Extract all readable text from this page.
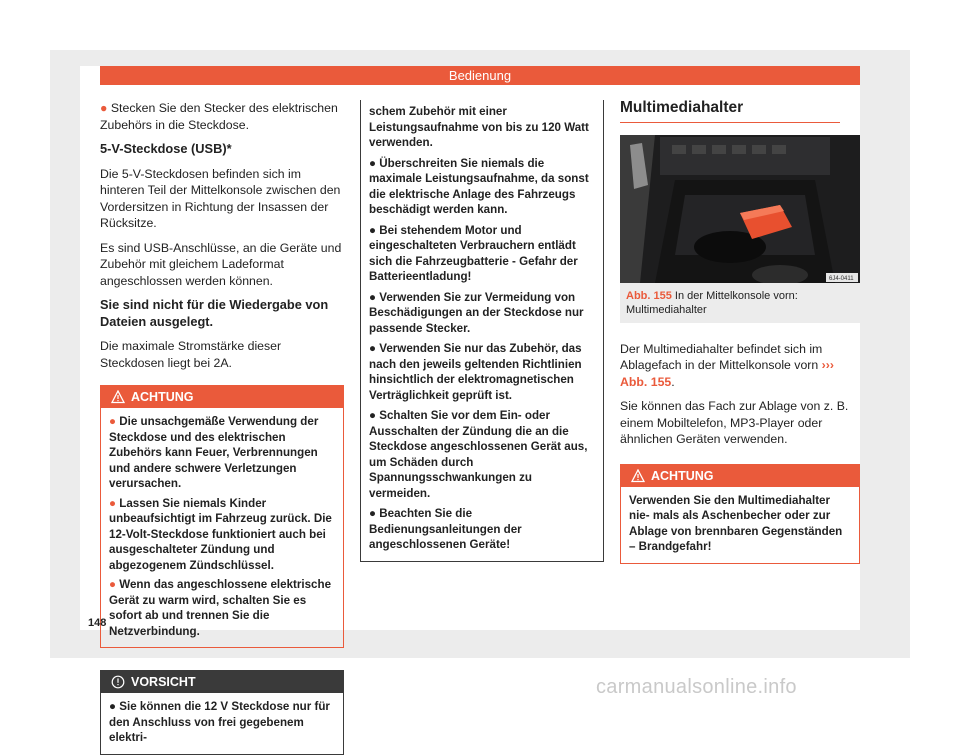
Bedienung

● Stecken Sie den Stecker des elektrischen Zubehörs in die Steckdose.

5-V-Steckdose (USB)*

Die 5-V-Steckdosen befinden sich im hinteren Teil der Mittelkonsole zwischen den Vordersitzen in Richtung der Insassen der Rücksitze.

Es sind USB-Anschlüsse, an die Geräte und Zubehör mit gleichem Ladeformat angeschlossen werden können.

Sie sind nicht für die Wiedergabe von Dateien ausgelegt.

Die maximale Stromstärke dieser Steckdosen liegt bei 2A.

ACHTUNG

● Die unsachgemäße Verwendung der Steckdose und des elektrischen Zubehörs kann Feuer, Verbrennungen und andere schwere Verletzungen verursachen.

● Lassen Sie niemals Kinder unbeaufsichtigt im Fahrzeug zurück. Die 12-Volt-Steckdose funktioniert auch bei ausgeschalteter Zündung und abgezogenem Zündschlüssel.

● Wenn das angeschlossene elektrische Gerät zu warm wird, schalten Sie es sofort ab und trennen Sie die Netzverbindung.

VORSICHT

● Sie können die 12 V Steckdose nur für den Anschluss von frei gegebenem elektri-

schem Zubehör mit einer Leistungsaufnahme von bis zu 120 Watt verwenden.

● Überschreiten Sie niemals die maximale Leistungsaufnahme, da sonst die elektrische Anlage des Fahrzeugs beschädigt werden kann.

● Bei stehendem Motor und eingeschalteten Verbrauchern entlädt sich die Fahrzeugbatterie - Gefahr der Batterieentladung!

● Verwenden Sie zur Vermeidung von Beschädigungen an der Steckdose nur passende Stecker.

● Verwenden Sie nur das Zubehör, das nach den jeweils geltenden Richtlinien hinsichtlich der elektromagnetischen Verträglichkeit geprüft ist.

● Schalten Sie vor dem Ein- oder Ausschalten der Zündung die an die Steckdose angeschlossenen Gerät aus, um Schäden durch Spannungsschwankungen zu vermeiden.

● Beachten Sie die Bedienungsanleitungen der angeschlossenen Geräte!

Multimediahalter

6J4-0411
Abb. 155 In der Mittelkonsole vorn: Multimediahalter

Der Multimediahalter befindet sich im Ablagefach in der Mittelkonsole vorn ››› Abb. 155.

Sie können das Fach zur Ablage von z. B. einem Mobiltelefon, MP3-Player oder ähnlichen Geräten verwenden.

ACHTUNG

Verwenden Sie den Multimediahalter nie- mals als Aschenbecher oder zur Ablage von brennbaren Gegenständen – Brandgefahr!

148
carmanualsonline.info
